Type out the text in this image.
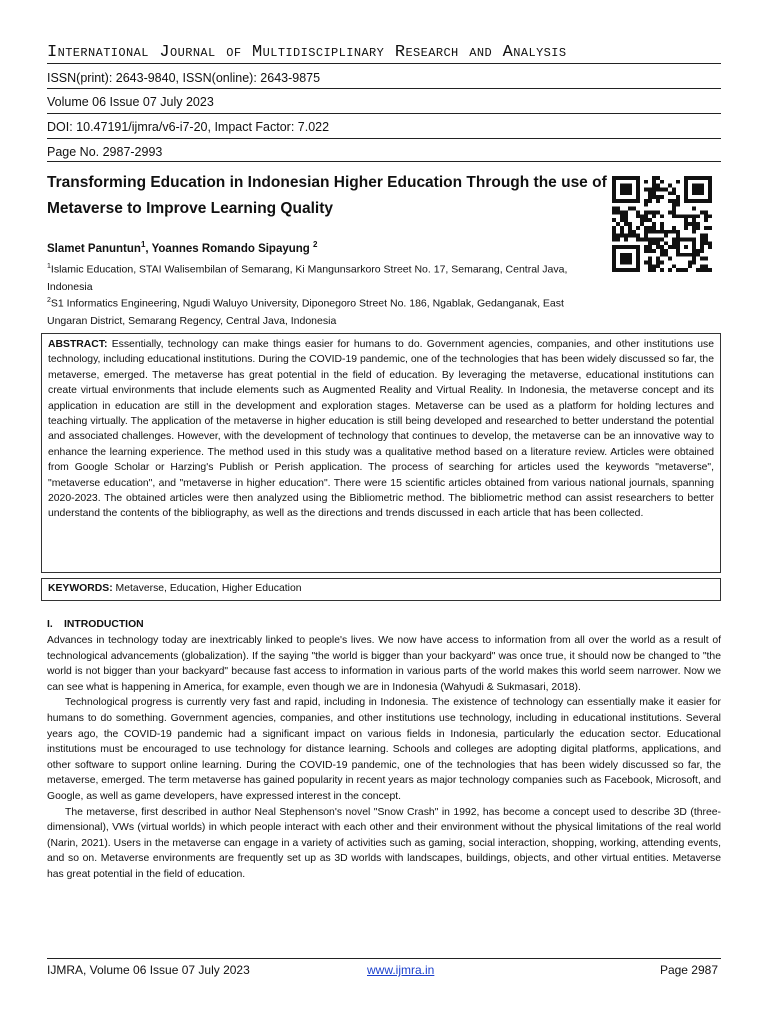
International Journal of Multidisciplinary Research and Analysis
ISSN(print): 2643-9840, ISSN(online): 2643-9875
Volume 06 Issue 07 July 2023
DOI: 10.47191/ijmra/v6-i7-20, Impact Factor: 7.022
Page No. 2987-2993
Transforming Education in Indonesian Higher Education Through the use of Metaverse to Improve Learning Quality
Slamet Panuntun$^1$, Yoannes Romando Sipayung $^2$
$^1$Islamic Education, STAI Walisembilan of Semarang, Ki Mangunsarkoro Street No. 17, Semarang, Central Java, Indonesia
$^2$S1 Informatics Engineering, Ngudi Waluyo University, Diponegoro Street No. 186, Ngablak, Gedanganak, East Ungaran District, Semarang Regency, Central Java, Indonesia

ABSTRACT: Essentially, technology can make things easier for humans to do. Government agencies, companies, and other institutions use technology, including educational institutions. During the COVID-19 pandemic, one of the technologies that has been widely discussed so far, the metaverse, emerged. The metaverse has great potential in the field of education. By leveraging the metaverse, educational institutions can create virtual environments that include elements such as Augmented Reality and Virtual Reality. In Indonesia, the metaverse concept and its application in education are still in the development and exploration stages. Metaverse can be used as a platform for holding lectures and teaching virtually. The application of the metaverse in higher education is still being developed and researched to better understand the potential and associated challenges. However, with the development of technology that continues to develop, the metaverse can be an innovative way to enhance the learning experience. The method used in this study was a qualitative method based on a literature review. Articles were obtained from Google Scholar or Harzing's Publish or Perish application. The process of searching for articles used the keywords "metaverse", "metaverse education", and "metaverse in higher education". There were 15 scientific articles obtained from various national journals, spanning 2020-2023. The obtained articles were then analyzed using the Bibliometric method. The bibliometric method can assist researchers to better understand the contents of the bibliography, as well as the directions and trends discussed in each article that has been collected.

KEYWORDS: Metaverse, Education, Higher Education
I. INTRODUCTION

Advances in technology today are inextricably linked to people's lives. We now have access to information from all over the world as a result of technological advancements (globalization). If the saying "the world is bigger than your backyard" was once true, it should now be changed to "the world is not bigger than your backyard" because fast access to information in various parts of the world makes this world seem narrower. Now we can see what is happening in America, for example, even though we are in Indonesia (Wahyudi & Sukmasari, 2018).

Technological progress is currently very fast and rapid, including in Indonesia. The existence of technology can essentially make it easier for humans to do something. Government agencies, companies, and other institutions use technology, including in educational institutions. Several years ago, the COVID-19 pandemic had a significant impact on various fields in Indonesia, particularly the education sector. Educational institutions must be encouraged to use technology for distance learning. Schools and colleges are adopting digital platforms, applications, and other software to support online learning. During the COVID-19 pandemic, one of the technologies that has been widely discussed so far, the metaverse, emerged. The term metaverse has gained popularity in recent years as major technology companies such as Facebook, Microsoft, and Google, as well as game developers, have expressed interest in the concept.

The metaverse, first described in author Neal Stephenson's novel "Snow Crash" in 1992, has become a concept used to describe 3D (three-dimensional), VWs (virtual worlds) in which people interact with each other and their environment without the physical limitations of the real world (Narin, 2021). Users in the metaverse can engage in a variety of activities such as gaming, social interaction, shopping, working, attending events, and so on. Metaverse environments are frequently set up as 3D worlds with landscapes, buildings, objects, and other virtual entities. Metaverse has great potential in the field of education.

IJMRA, Volume 06 Issue 07 July 2023	www.ijmra.in	Page 2987
